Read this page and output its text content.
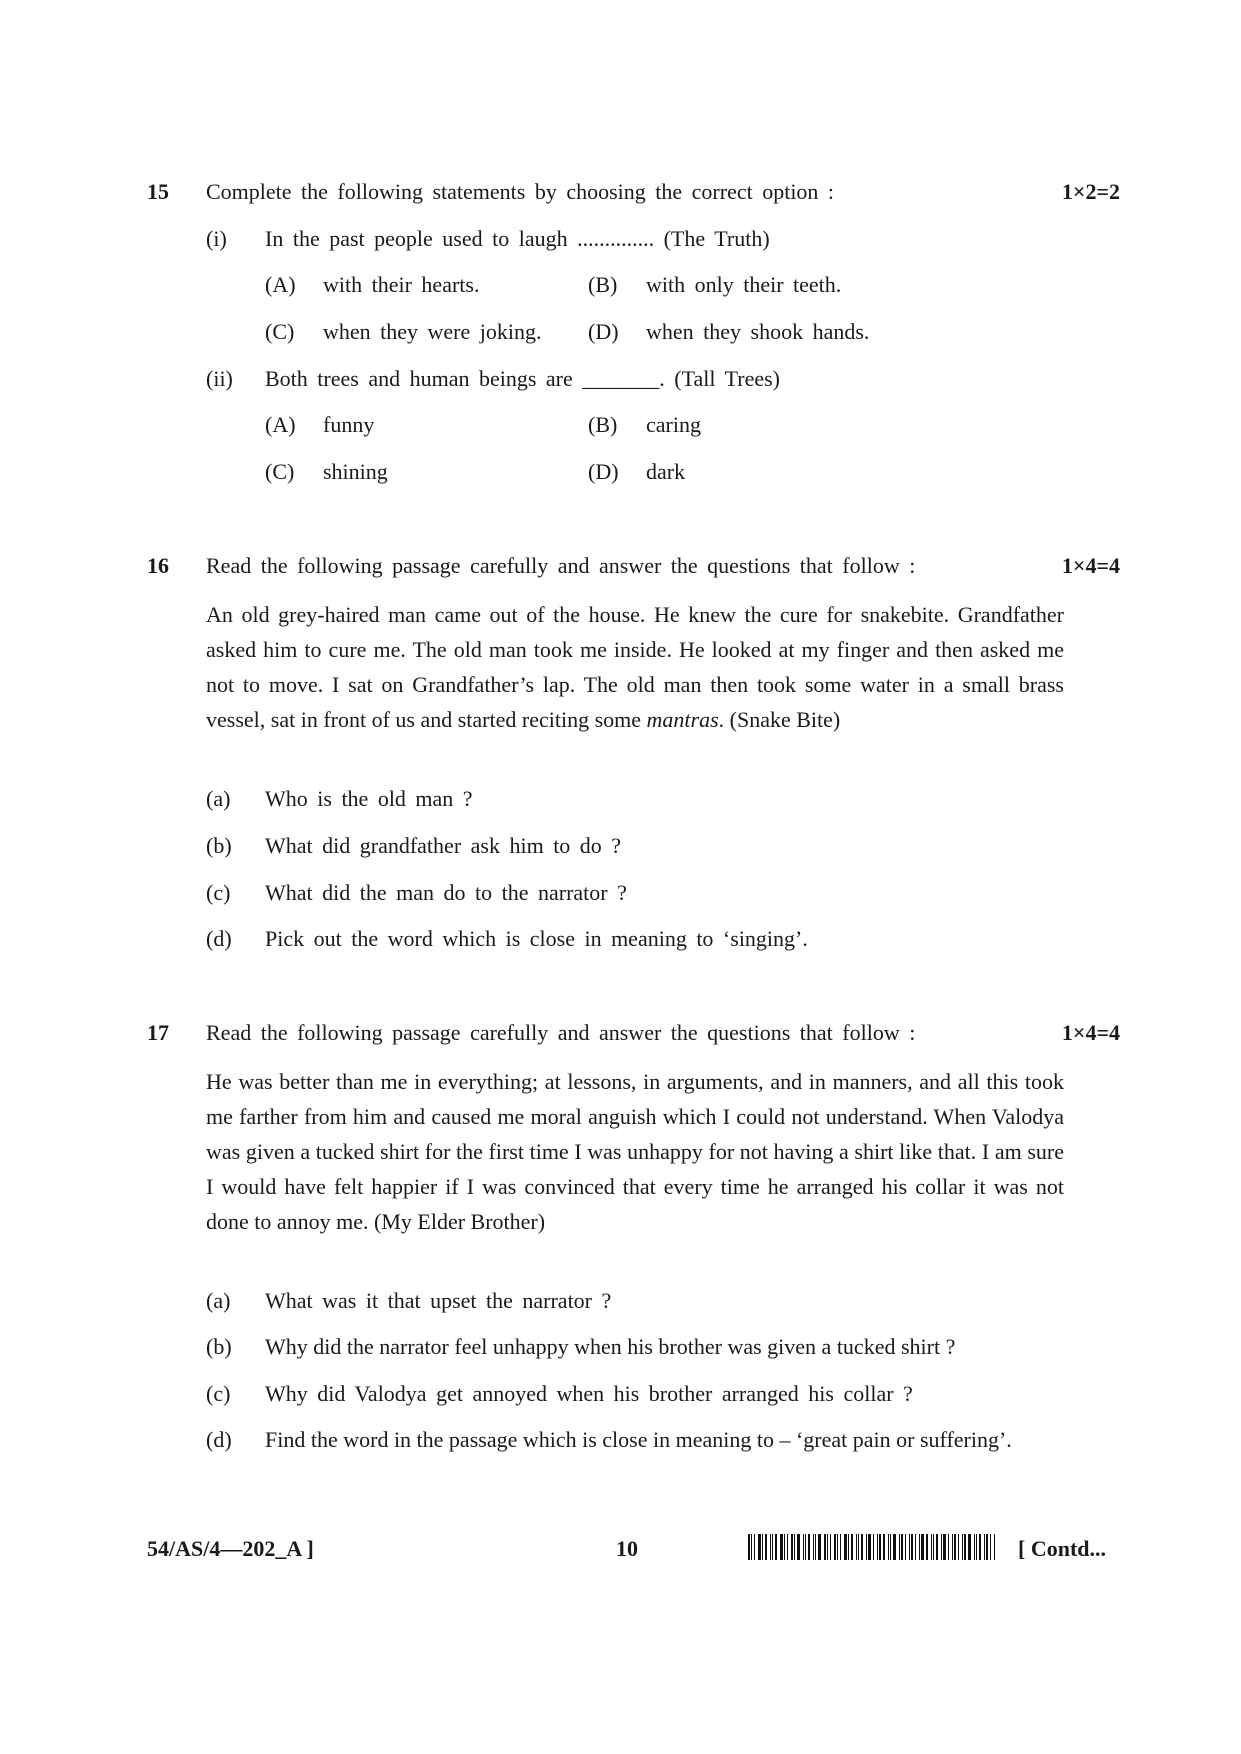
15 Complete the following statements by choosing the correct option :	1×2=2
(i) In the past people used to laugh .............. (The Truth)
(A) with their hearts.	(B) with only their teeth.
(C) when they were joking. (D) when they shook hands.
(ii) Both trees and human beings are _______. (Tall Trees)
(A) funny	(B) caring
(C) shining	(D) dark
16 Read the following passage carefully and answer the questions that follow :	1×4=4
An old grey-haired man came out of the house. He knew the cure for snakebite. Grandfather asked him to cure me. The old man took me inside. He looked at my finger and then asked me not to move. I sat on Grandfather’s lap. The old man then took some water in a small brass vessel, sat in front of us and started reciting some mantras. (Snake Bite)
(a) Who is the old man ?
(b) What did grandfather ask him to do ?
(c) What did the man do to the narrator ?
(d) Pick out the word which is close in meaning to ‘singing’.
17 Read the following passage carefully and answer the questions that follow :	1×4=4
He was better than me in everything; at lessons, in arguments, and in manners, and all this took me farther from him and caused me moral anguish which I could not understand. When Valodya was given a tucked shirt for the first time I was unhappy for not having a shirt like that. I am sure I would have felt happier if I was convinced that every time he arranged his collar it was not done to annoy me. (My Elder Brother)
(a) What was it that upset the narrator ?
(b) Why did the narrator feel unhappy when his brother was given a tucked shirt ?
(c) Why did Valodya get annoyed when his brother arranged his collar ?
(d) Find the word in the passage which is close in meaning to – ‘great pain or suffering’.
54/AS/4—202_A ]	10	[ Contd...
